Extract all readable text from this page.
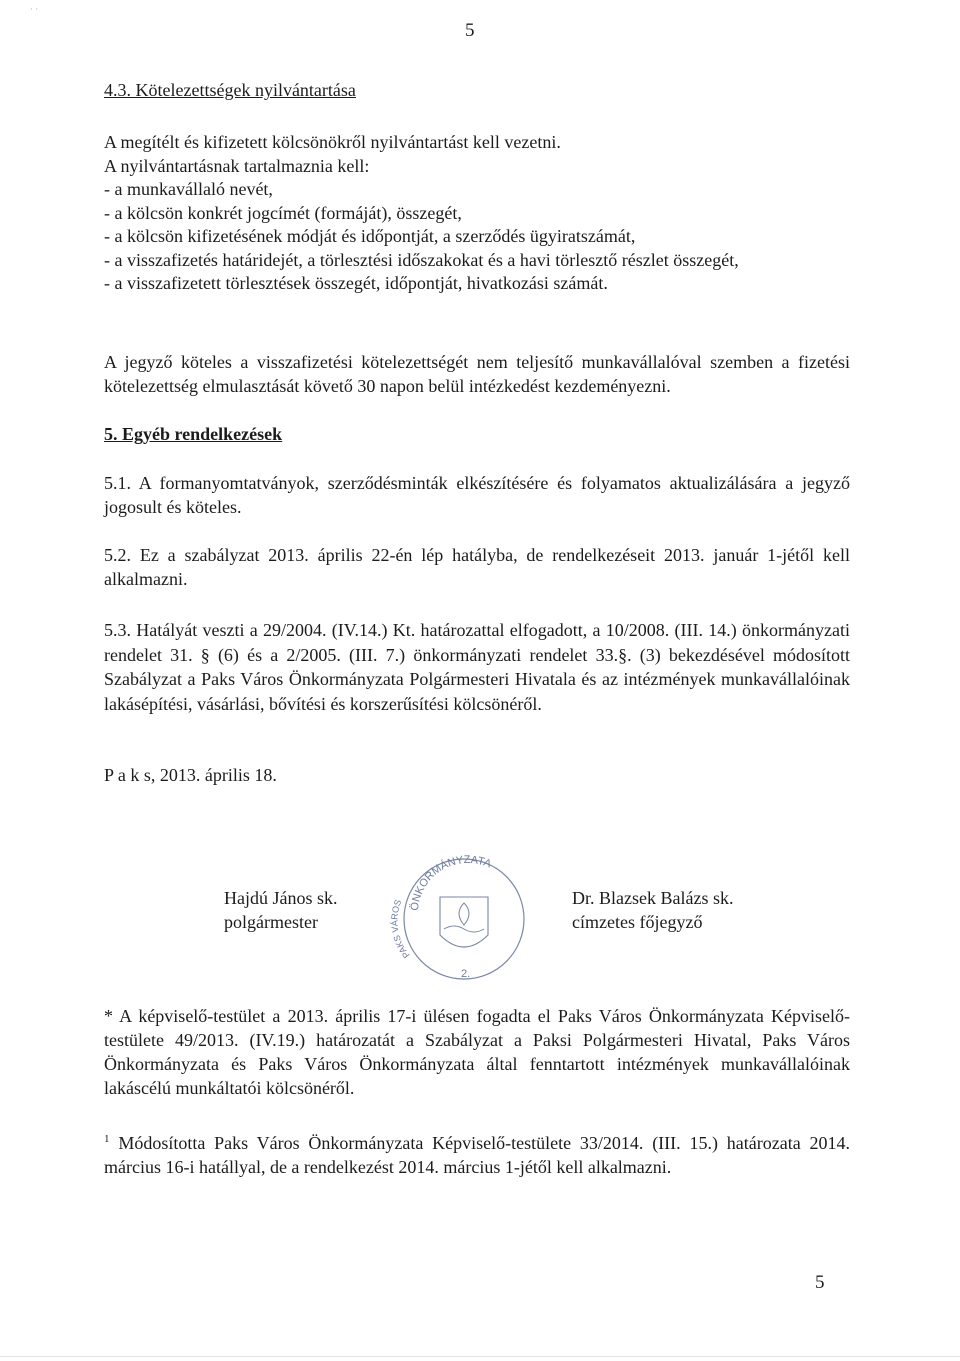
· ·
5
4.3. Kötelezettségek nyilvántartása

A megítélt és kifizetett kölcsönökről nyilvántartást kell vezetni.

A nyilvántartásnak tartalmaznia kell:

- a munkavállaló nevét,

- a kölcsön konkrét jogcímét (formáját), összegét,

- a kölcsön kifizetésének módját és időpontját, a szerződés ügyiratszámát,

- a visszafizetés határidejét, a törlesztési időszakokat és a havi törlesztő részlet összegét,

- a visszafizetett törlesztések összegét, időpontját, hivatkozási számát.

A jegyző köteles a visszafizetési kötelezettségét nem teljesítő munkavállalóval szemben a fizetési kötelezettség elmulasztását követő 30 napon belül intézkedést kezdeményezni.
5. Egyéb rendelkezések
5.1. A formanyomtatványok, szerződésminták elkészítésére és folyamatos aktualizálására a jegyző jogosult és köteles.
5.2. Ez a szabályzat 2013. április 22-én lép hatályba, de rendelkezéseit 2013. január 1-jétől kell alkalmazni.
5.3. Hatályát veszti a 29/2004. (IV.14.) Kt. határozattal elfogadott, a 10/2008. (III. 14.) önkormányzati rendelet 31. § (6) és a 2/2005. (III. 7.) önkormányzati rendelet 33.§. (3) bekezdésével módosított Szabályzat a Paks Város Önkormányzata Polgármesteri Hivatala és az intézmények munkavállalóinak lakásépítési, vásárlási, bővítési és korszerűsítési kölcsönéről.
P a k s, 2013. április 18.
Hajdú János sk.
polgármester
ÖNKORMÁNYZATA
PAKS VÁROS
2.
Dr. Blazsek Balázs sk.
címzetes főjegyző
* A képviselő-testület a 2013. április 17-i ülésen fogadta el Paks Város Önkormányzata Képviselő-testülete 49/2013. (IV.19.) határozatát a Szabályzat a Paksi Polgármesteri Hivatal, Paks Város Önkormányzata és Paks Város Önkormányzata által fenntartott intézmények munkavállalóinak lakáscélú munkáltatói kölcsönéről.
$^1$ Módosította Paks Város Önkormányzata Képviselő-testülete 33/2014. (III. 15.) határozata 2014. március 16-i hatállyal, de a rendelkezést 2014. március 1-jétől kell alkalmazni.
5
